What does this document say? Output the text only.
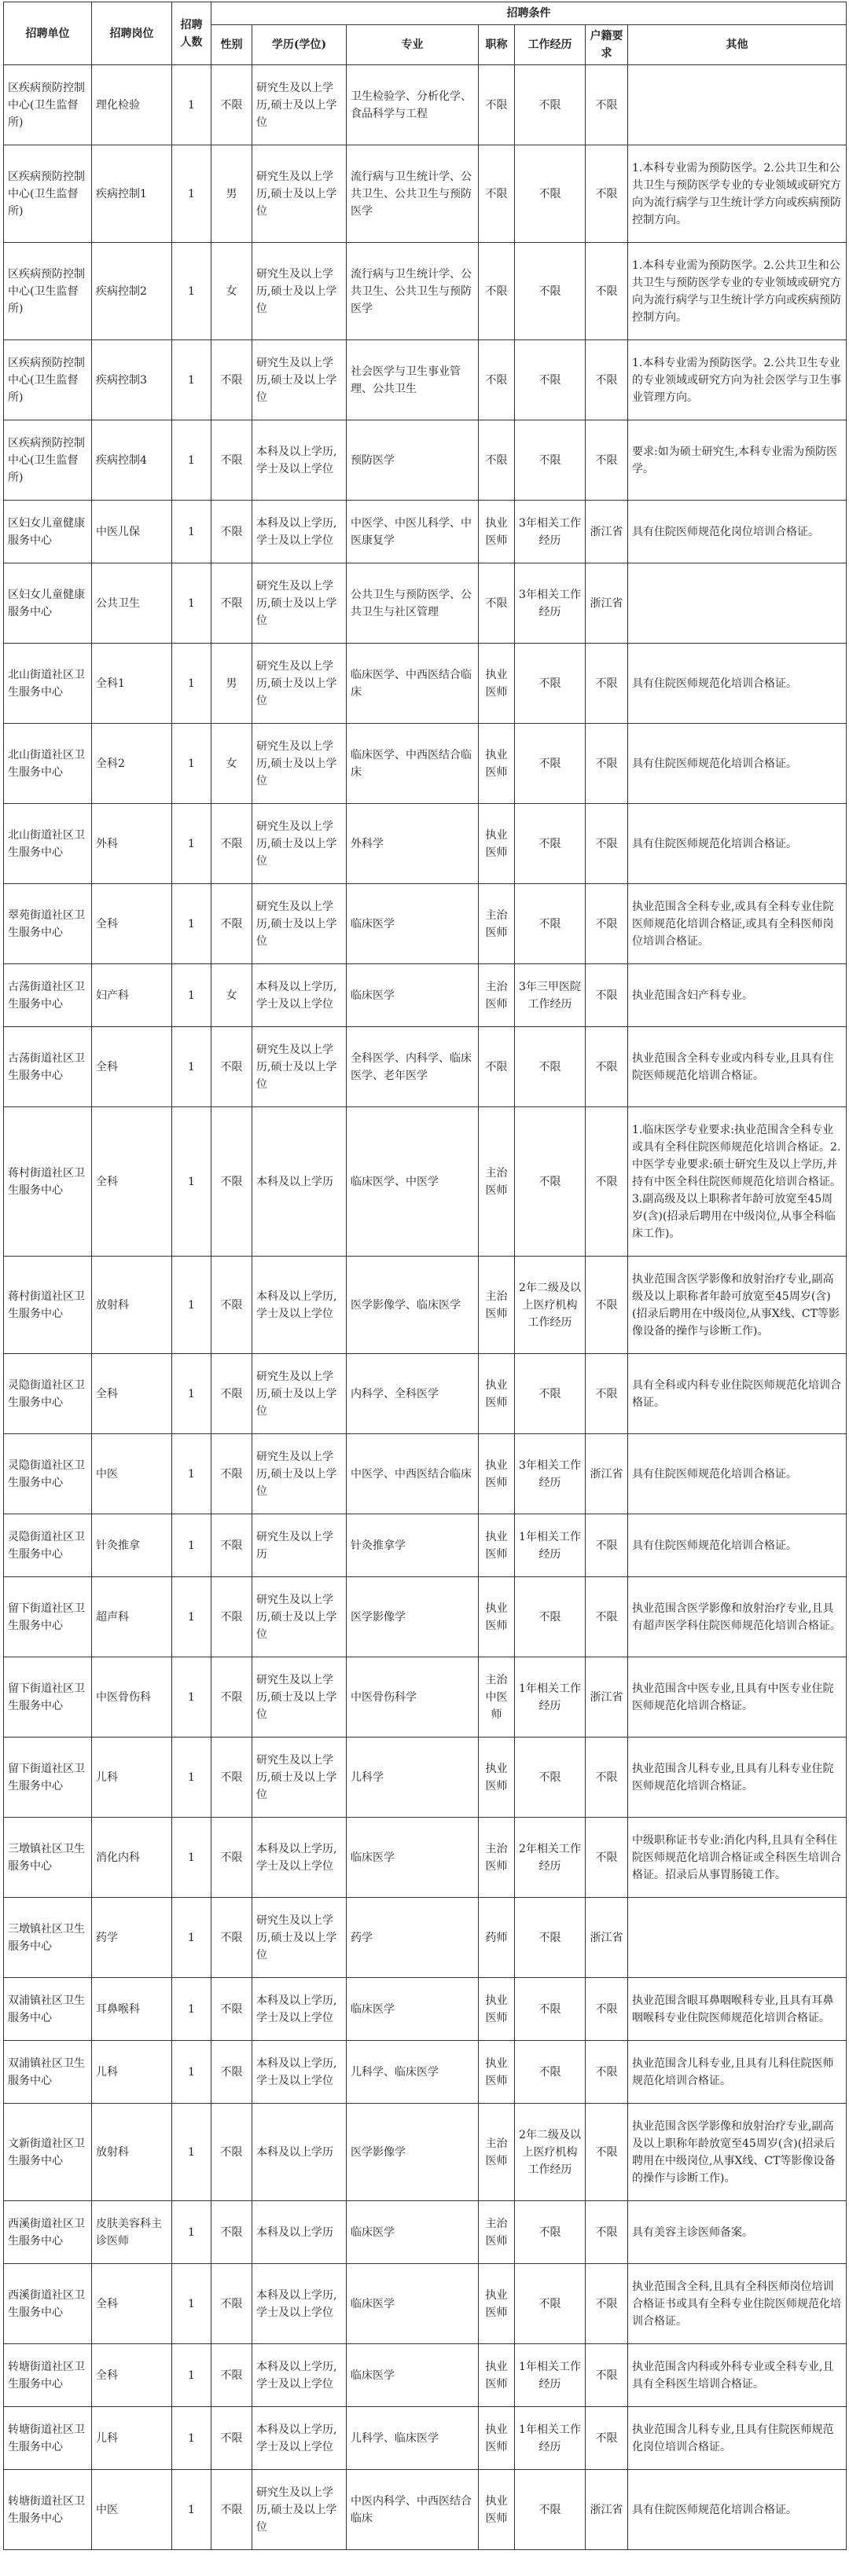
招聘单位	招聘岗位	招聘人数	招聘条件						
			性别	学历(学位)	专业	职称	工作经历	户籍要求	其他
区疾病预防控制中心(卫生监督所)	理化检验	1	不限	研究生及以上学历,硕士及以上学位	卫生检验学、分析化学、食品科学与工程	不限	不限	不限	
区疾病预防控制中心(卫生监督所)	疾病控制1	1	男	研究生及以上学历,硕士及以上学位	流行病与卫生统计学、公共卫生、公共卫生与预防医学	不限	不限	不限	1.本科专业需为预防医学。2.公共卫生和公共卫生与预防医学专业的专业领域或研究方向为流行病学与卫生统计学方向或疾病预防控制方向。
区疾病预防控制中心(卫生监督所)	疾病控制2	1	女	研究生及以上学历,硕士及以上学位	流行病与卫生统计学、公共卫生、公共卫生与预防医学	不限	不限	不限	1.本科专业需为预防医学。2.公共卫生和公共卫生与预防医学专业的专业领域或研究方向为流行病学与卫生统计学方向或疾病预防控制方向。
区疾病预防控制中心(卫生监督所)	疾病控制3	1	不限	研究生及以上学历,硕士及以上学位	社会医学与卫生事业管理、公共卫生	不限	不限	不限	1.本科专业需为预防医学。2.公共卫生专业的专业领域或研究方向为社会医学与卫生事业管理方向。
区疾病预防控制中心(卫生监督所)	疾病控制4	1	不限	本科及以上学历,学士及以上学位	预防医学	不限	不限	不限	要求:如为硕士研究生,本科专业需为预防医学。
区妇女儿童健康服务中心	中医儿保	1	不限	本科及以上学历,学士及以上学位	中医学、中医儿科学、中医康复学	执业医师	3年相关工作经历	浙江省	具有住院医师规范化岗位培训合格证。
区妇女儿童健康服务中心	公共卫生	1	不限	研究生及以上学历,硕士及以上学位	公共卫生与预防医学、公共卫生与社区管理	不限	3年相关工作经历	浙江省	
北山街道社区卫生服务中心	全科1	1	男	研究生及以上学历,硕士及以上学位	临床医学、中西医结合临床	执业医师	不限	不限	具有住院医师规范化培训合格证。
北山街道社区卫生服务中心	全科2	1	女	研究生及以上学历,硕士及以上学位	临床医学、中西医结合临床	执业医师	不限	不限	具有住院医师规范化培训合格证。
北山街道社区卫生服务中心	外科	1	不限	研究生及以上学历,硕士及以上学位	外科学	执业医师	不限	不限	具有住院医师规范化培训合格证。
翠苑街道社区卫生服务中心	全科	1	不限	研究生及以上学历,硕士及以上学位	临床医学	主治医师	不限	不限	执业范围含全科专业,或具有全科专业住院医师规范化培训合格证,或具有全科医师岗位培训合格证。
古荡街道社区卫生服务中心	妇产科	1	女	本科及以上学历,学士及以上学位	临床医学	主治医师	3年三甲医院工作经历	不限	执业范围含妇产科专业。
古荡街道社区卫生服务中心	全科	1	不限	研究生及以上学历,硕士及以上学位	全科医学、内科学、临床医学、老年医学	不限	不限	不限	执业范围含全科专业或内科专业,且具有住院医师规范化培训合格证。
蒋村街道社区卫生服务中心	全科	1	不限	本科及以上学历	临床医学、中医学	主治医师	不限	不限	1.临床医学专业要求:执业范围含全科专业或具有全科住院医师规范化培训合格证。2.中医学专业要求:硕士研究生及以上学历,并持有中医全科住院医师规范化培训合格证。3.副高级及以上职称者年龄可放宽至45周岁(含)(招录后聘用在中级岗位,从事全科临床工作)。
蒋村街道社区卫生服务中心	放射科	1	不限	本科及以上学历,学士及以上学位	医学影像学、临床医学	主治医师	2年二级及以上医疗机构工作经历	不限	执业范围含医学影像和放射治疗专业,副高级及以上职称者年龄可放宽至45周岁(含)(招录后聘用在中级岗位,从事X线、CT等影像设备的操作与诊断工作)。
灵隐街道社区卫生服务中心	全科	1	不限	研究生及以上学历,硕士及以上学位	内科学、全科医学	执业医师	不限	不限	具有全科或内科专业住院医师规范化培训合格证。
灵隐街道社区卫生服务中心	中医	1	不限	研究生及以上学历,硕士及以上学位	中医学、中西医结合临床	执业医师	3年相关工作经历	浙江省	具有住院医师规范化培训合格证。
灵隐街道社区卫生服务中心	针灸推拿	1	不限	研究生及以上学历	针灸推拿学	执业医师	1年相关工作经历	不限	具有住院医师规范化培训合格证。
留下街道社区卫生服务中心	超声科	1	不限	研究生及以上学历,硕士及以上学位	医学影像学	执业医师	不限	不限	执业范围含医学影像和放射治疗专业,且具有超声医学科住院医师规范化培训合格证。
留下街道社区卫生服务中心	中医骨伤科	1	不限	研究生及以上学历,硕士及以上学位	中医骨伤科学	主治中医师	1年相关工作经历	浙江省	执业范围含中医专业,且具有中医专业住院医师规范化培训合格证。
留下街道社区卫生服务中心	儿科	1	不限	研究生及以上学历,硕士及以上学位	儿科学	执业医师	不限	不限	执业范围含儿科专业,且具有儿科专业住院医师规范化培训合格证。
三墩镇社区卫生服务中心	消化内科	1	不限	本科及以上学历,学士及以上学位	临床医学	主治医师	2年相关工作经历	不限	中级职称证书专业:消化内科,且具有全科住院医师规范化培训合格证或全科医生培训合格证。招录后从事胃肠镜工作。
三墩镇社区卫生服务中心	药学	1	不限	研究生及以上学历,硕士及以上学位	药学	药师	不限	浙江省	
双浦镇社区卫生服务中心	耳鼻喉科	1	不限	本科及以上学历,学士及以上学位	临床医学	执业医师	不限	不限	执业范围含眼耳鼻咽喉科专业,且具有耳鼻咽喉科专业住院医师规范化培训合格证。
双浦镇社区卫生服务中心	儿科	1	不限	本科及以上学历,学士及以上学位	儿科学、临床医学	执业医师	不限	不限	执业范围含儿科专业,且具有儿科住院医师规范化培训合格证。
文新街道社区卫生服务中心	放射科	1	不限	本科及以上学历	医学影像学	主治医师	2年二级及以上医疗机构工作经历	不限	执业范围含医学影像和放射治疗专业,副高及以上职称年龄放宽至45周岁(含)(招录后聘用在中级岗位,从事X线、CT等影像设备的操作与诊断工作)。
西溪街道社区卫生服务中心	皮肤美容科主诊医师	1	不限	本科及以上学历	临床医学	主治医师	不限	不限	具有美容主诊医师备案。
西溪街道社区卫生服务中心	全科	1	不限	本科及以上学历,学士及以上学位	临床医学	执业医师	不限	不限	执业范围含全科,且具有全科医师岗位培训合格证书或具有全科专业住院医师规范化培训合格证。
转塘街道社区卫生服务中心	全科	1	不限	本科及以上学历,学士及以上学位	临床医学	执业医师	1年相关工作经历	不限	执业范围含内科或外科专业或全科专业,且具有全科医生培训合格证。
转塘街道社区卫生服务中心	儿科	1	不限	本科及以上学历,学士及以上学位	儿科学、临床医学	执业医师	1年相关工作经历	不限	执业范围含儿科专业,且具有住院医师规范化岗位培训合格证。
转塘街道社区卫生服务中心	中医	1	不限	研究生及以上学历,硕士及以上学位	中医内科学、中西医结合临床	执业医师	不限	浙江省	具有住院医师规范化培训合格证。
